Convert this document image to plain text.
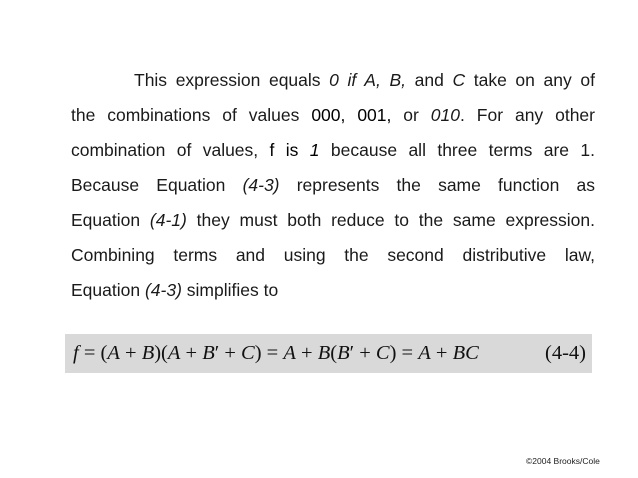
This expression equals 0 if A, B, and C take on any of
the combinations of values 000, 001, or 010. For any other
combination of values, f is 1 because all three terms are 1.
Because Equation (4-3) represents the same function as
Equation (4-1) they must both reduce to the same expression.
Combining terms and using the second distributive law,
Equation (4-3) simplifies to
f = (A + B)(A + B′ + C) = A + B(B′ + C) = A + BC	(4-4)
©2004 Brooks/Cole
